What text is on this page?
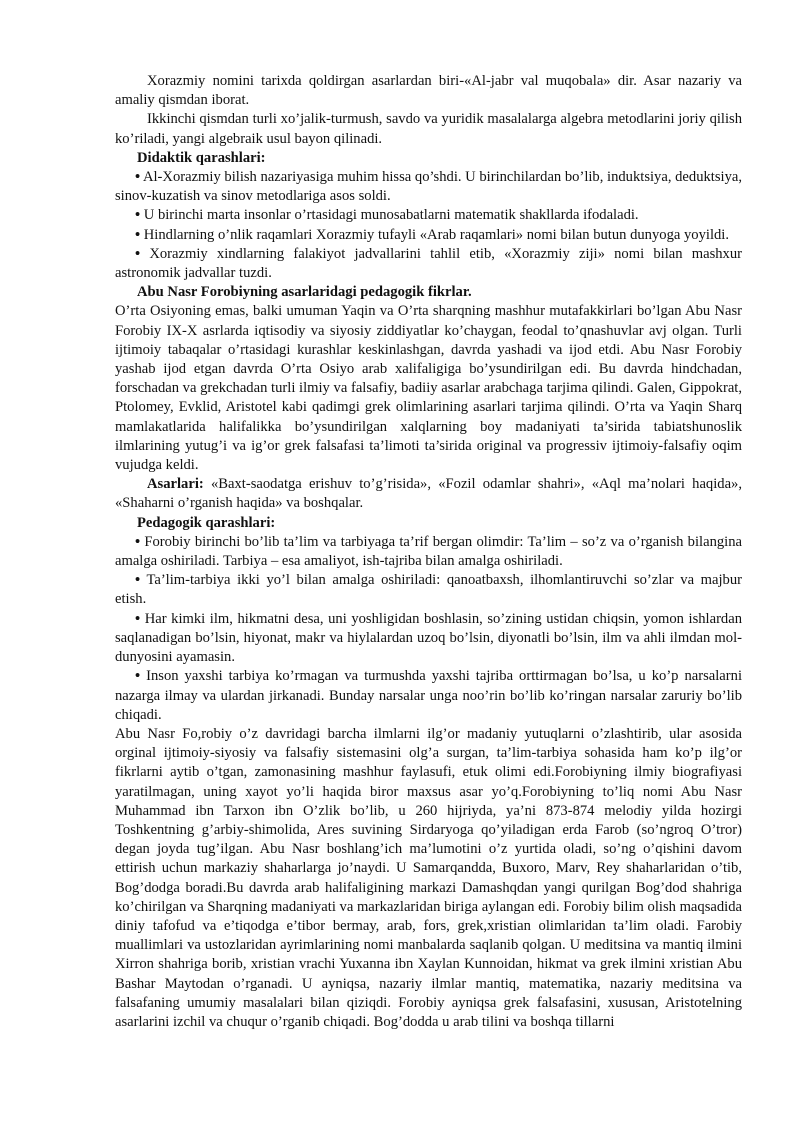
Xorazmiy nomini tarixda qoldirgan asarlardan biri-«Al-jabr val muqobala» dir. Asar nazariy va amaliy qismdan iborat.

Ikkinchi qismdan turli xo’jalik-turmush, savdo va yuridik masalalarga algebra metodlarini joriy qilish ko’riladi, yangi algebraik usul bayon qilinadi.

Didaktik qarashlari:

• Al-Xorazmiy bilish nazariyasiga muhim hissa qo’shdi. U birinchilardan bo’lib, induktsiya, deduktsiya, sinov-kuzatish va sinov metodlariga asos soldi.

• U birinchi marta insonlar o’rtasidagi munosabatlarni matematik shakllarda ifodaladi.

• Hindlarning o’nlik raqamlari Xorazmiy tufayli «Arab raqamlari» nomi bilan butun dunyoga yoyildi.

• Xorazmiy xindlarning falakiyot jadvallarini tahlil etib, «Xorazmiy ziji» nomi bilan mashxur astronomik jadvallar tuzdi.

Abu Nasr Forobiyning asarlaridagi pedagogik fikrlar.

O’rta Osiyoning emas, balki umuman Yaqin va O’rta sharqning mashhur mutafakkirlari bo’lgan Abu Nasr Forobiy IX-X asrlarda iqtisodiy va siyosiy ziddiyatlar ko’chaygan, feodal to’qnashuvlar avj olgan. Turli ijtimoiy tabaqalar o’rtasidagi kurashlar keskinlashgan, davrda yashadi va ijod etdi. Abu Nasr Forobiy yashab ijod etgan davrda O’rta Osiyo arab xalifaligiga bo’ysundirilgan edi. Bu davrda hindchadan, forschadan va grekchadan turli ilmiy va falsafiy, badiiy asarlar arabchaga tarjima qilindi. Galen, Gippokrat, Ptolomey, Evklid, Aristotel kabi qadimgi grek olimlarining asarlari tarjima qilindi. O’rta va Yaqin Sharq mamlakatlarida halifalikka bo’ysundirilgan xalqlarning boy madaniyati ta’sirida tabiatshunoslik ilmlarining yutug’i va ig’or grek falsafasi ta’limoti ta’sirida original va progressiv ijtimoiy-falsafiy oqim vujudga keldi.

Asarlari: «Baxt-saodatga erishuv to’g’risida», «Fozil odamlar shahri», «Aql ma’nolari haqida», «Shaharni o’rganish haqida» va boshqalar.

Pedagogik qarashlari:

• Forobiy birinchi bo’lib ta’lim va tarbiyaga ta’rif bergan olimdir: Ta’lim – so’z va o’rganish bilangina amalga oshiriladi. Tarbiya – esa amaliyot, ish-tajriba bilan amalga oshiriladi.

• Ta’lim-tarbiya ikki yo’l bilan amalga oshiriladi: qanoatbaxsh, ilhomlantiruvchi so’zlar va majbur etish.

• Har kimki ilm, hikmatni desa, uni yoshligidan boshlasin, so’zining ustidan chiqsin, yomon ishlardan saqlanadigan bo’lsin, hiyonat, makr va hiylalardan uzoq bo’lsin, diyonatli bo’lsin, ilm va ahli ilmdan mol-dunyosini ayamasin.

• Inson yaxshi tarbiya ko’rmagan va turmushda yaxshi tajriba orttirmagan bo’lsa, u ko’p narsalarni nazarga ilmay va ulardan jirkanadi. Bunday narsalar unga noo’rin bo’lib ko’ringan narsalar zaruriy bo’lib chiqadi.

Abu Nasr Fo,robiy o’z davridagi barcha ilmlarni ilg’or madaniy yutuqlarni o’zlashtirib, ular asosida orginal ijtimoiy-siyosiy va falsafiy sistemasini olg’a surgan, ta’lim-tarbiya sohasida ham ko’p ilg’or fikrlarni aytib o’tgan, zamonasining mashhur faylasufi, etuk olimi edi.Forobiyning ilmiy biografiyasi yaratilmagan, uning xayot yo’li haqida biror maxsus asar yo’q.Forobiyning to’liq nomi Abu Nasr Muhammad ibn Tarxon ibn O’zlik bo’lib, u 260 hijriyda, ya’ni 873-874 melodiy yilda hozirgi Toshkentning g’arbiy-shimolida, Ares suvining Sirdaryoga qo’yiladigan erda Farob (so’ngroq O’tror) degan joyda tug’ilgan. Abu Nasr boshlang’ich ma’lumotini o’z yurtida oladi, so’ng o’qishini davom ettirish uchun markaziy shaharlarga jo’naydi. U Samarqandda, Buxoro, Marv, Rey shaharlaridan o’tib, Bog’dodga boradi.Bu davrda arab halifaligining markazi Damashqdan yangi qurilgan Bog’dod shahriga ko’chirilgan va Sharqning madaniyati va markazlaridan biriga aylangan edi. Forobiy bilim olish maqsadida diniy tafofud va e’tiqodga e’tibor bermay, arab, fors, grek,xristian olimlaridan ta’lim oladi. Farobiy muallimlari va ustozlaridan ayrimlarining nomi manbalarda saqlanib qolgan. U meditsina va mantiq ilmini Xirron shahriga borib, xristian vrachi Yuxanna ibn Xaylan Kunnoidan, hikmat va grek ilmini xristian Abu Bashar Maytodan o’rganadi. U ayniqsa, nazariy ilmlar mantiq, matematika, nazariy meditsina va falsafaning umumiy masalalari bilan qiziqdi. Forobiy ayniqsa grek falsafasini, xususan, Aristotelning asarlarini izchil va chuqur o’rganib chiqadi. Bog’dodda u arab tilini va boshqa tillarni
